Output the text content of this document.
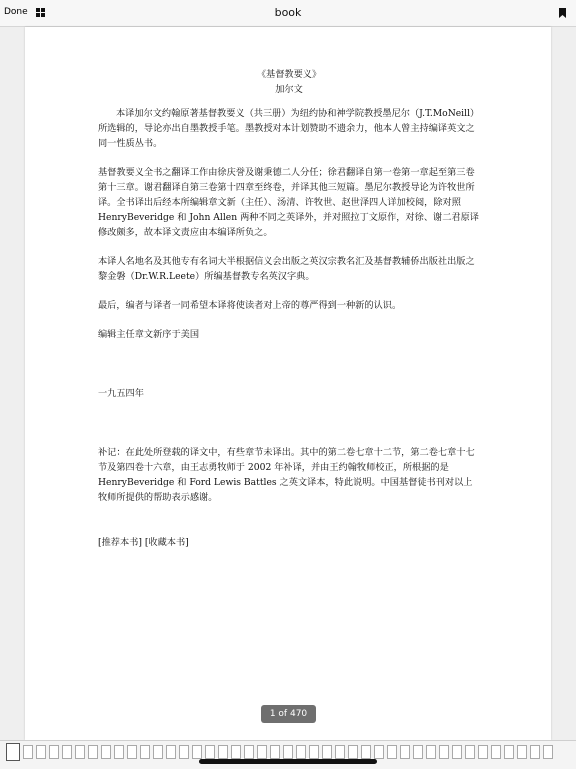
Done	book

《基督教要义》

加尔文

本译加尔文约翰原著基督教要义（共三册）为纽约协和神学院教授墨尼尔（J.T.MoNeill）所选辑的，导论亦出自墨教授手笔。墨教授对本计划赞助不遗余力，他本人曾主持编译英文之同一性质丛书。

基督教要义全书之翻译工作由徐庆誉及谢秉德二人分任；徐君翻译自第一卷第一章起至第三卷第十三章。谢君翻译自第三卷第十四章至终卷，并译其他三短篇。墨尼尔教授导论为许牧世所译。全书译出后经本所编辑章文新（主任）、汤清、许牧世、赵世泽四人详加校阅，除对照 HenryBeveridge 和 John Allen 两种不同之英译外，并对照拉丁文原作，对徐、谢二君原译修改颇多，故本译文责应由本编译所负之。

本译人名地名及其他专有名词大半根据信义会出版之英汉宗教名汇及基督教辅侨出版社出版之黎金磐（Dr.W.R.Leete）所编基督教专名英汉字典。

最后，编者与译者一同希望本译将使读者对上帝的尊严得到一种新的认识。

编辑主任章文新序于美国

一九五四年

补记：在此处所登载的译文中，有些章节未译出。其中的第二卷七章十二节，第二卷七章十七节及第四卷十六章，由王志勇牧师于 2002 年补译，并由王约翰牧师校正，所根据的是 HenryBeveridge 和 Ford Lewis Battles 之英文译本，特此说明。中国基督徒书刊对以上牧师所提供的帮助表示感谢。

[推荐本书] [收藏本书]

1 of 470
